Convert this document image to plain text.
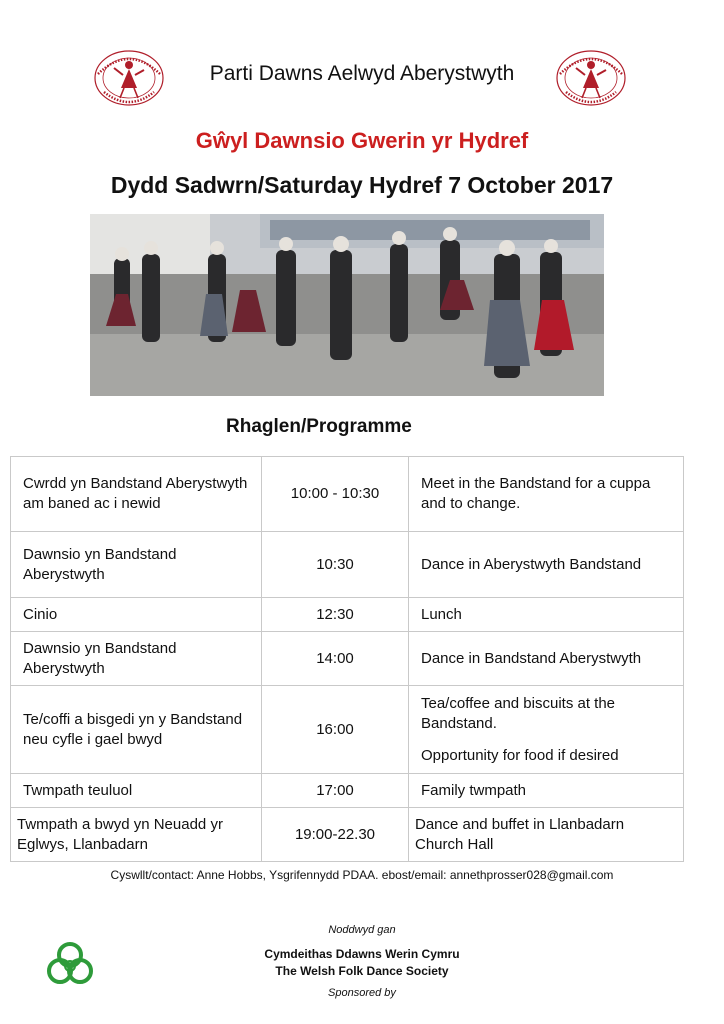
Parti Dawns Aelwyd Aberystwyth
Gŵyl Dawnsio Gwerin yr Hydref
Dydd Sadwrn/Saturday Hydref 7 October 2017
Rhaglen/Programme
Cwrdd yn Bandstand Aberystwyth am baned ac i newid	10:00 - 10:30	Meet in the Bandstand for a cuppa and to change.
Dawnsio yn Bandstand Aberystwyth	10:30	Dance in Aberystwyth Bandstand
Cinio	12:30	Lunch
Dawnsio yn Bandstand Aberystwyth	14:00	Dance in Bandstand Aberystwyth
Te/coffi a bisgedi yn y Bandstand neu cyfle i gael bwyd	16:00	Tea/coffee and biscuits at the Bandstand.
Opportunity for food if desired

Twmpath teuluol	17:00	Family twmpath
Twmpath a bwyd yn Neuadd yr Eglwys, Llanbadarn	19:00-22.30	Dance and buffet in Llanbadarn Church Hall
Cyswllt/contact: Anne Hobbs, Ysgrifennydd PDAA. ebost/email: annethprosser028@gmail.com
Noddwyd gan
Cymdeithas Ddawns Werin Cymru
The Welsh Folk Dance Society
Sponsored by
